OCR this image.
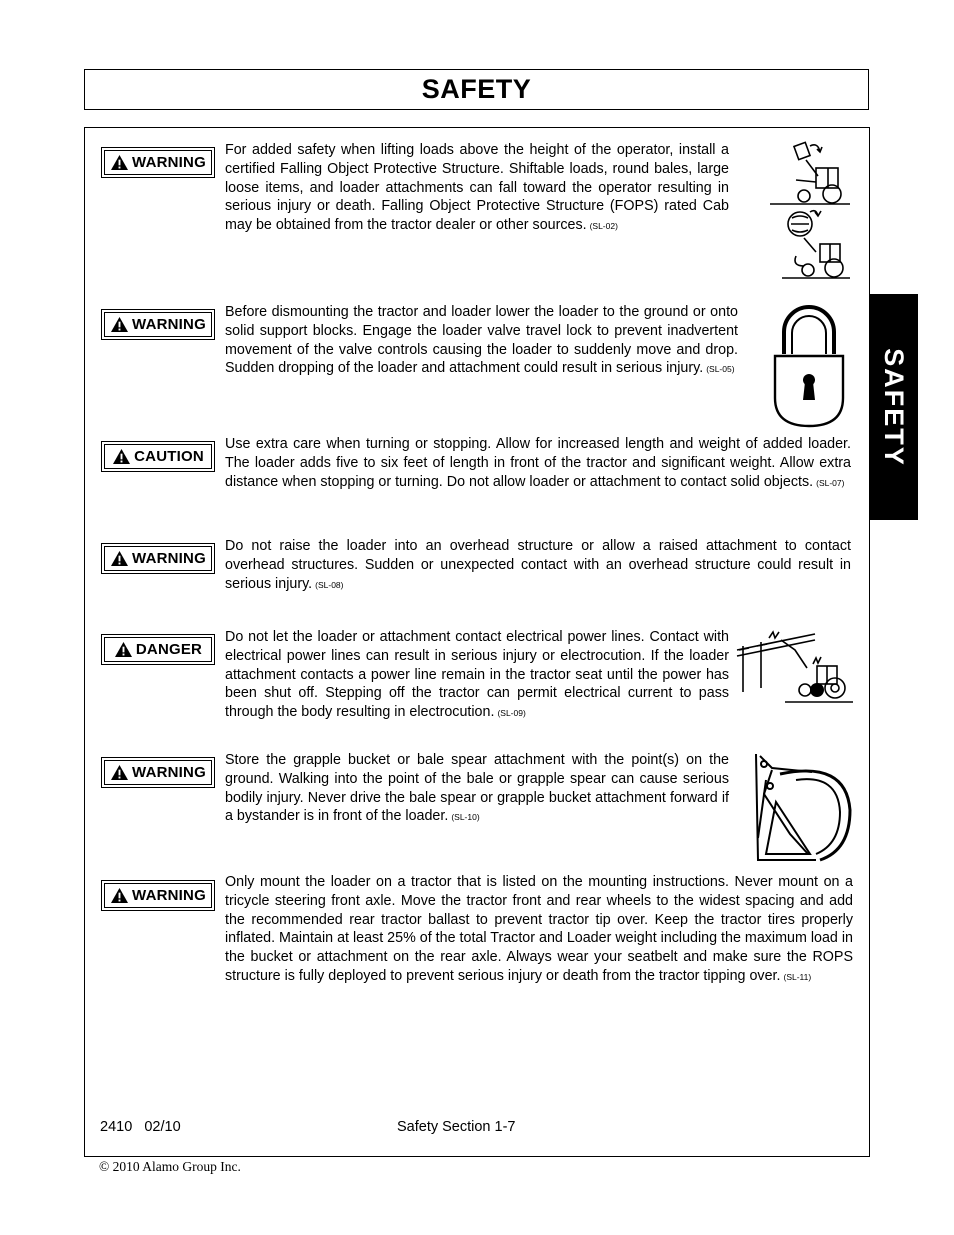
SAFETY
SAFETY
WARNING
For added safety when lifting loads above the height of the operator, install a certified Falling Object Protective Structure. Shiftable loads, round bales, large loose items, and loader attachments can fall toward the operator resulting in serious injury or death. Falling Object Protective Structure (FOPS) rated Cab may be obtained from the tractor dealer or other sources. (SL-02)
WARNING
Before dismounting the tractor and loader lower the loader to the ground or onto solid support blocks. Engage the loader valve travel lock to prevent inadvertent movement of the valve controls causing the loader to suddenly move and drop. Sudden dropping of the loader and attachment could result in serious injury. (SL-05)
CAUTION
Use extra care when turning or stopping. Allow for increased length and weight of added loader. The loader adds five to six feet of length in front of the tractor and significant weight. Allow extra distance when stopping or turning. Do not allow loader or attachment to contact solid objects. (SL-07)
WARNING
Do not raise the loader into an overhead structure or allow a raised attachment to contact overhead structures. Sudden or unexpected contact with an overhead structure could result in serious injury. (SL-08)
DANGER
Do not let the loader or attachment contact electrical power lines. Contact with electrical power lines can result in serious injury or electrocution. If the loader attachment contacts a power line remain in the tractor seat until the power has been shut off. Stepping off the tractor can permit electrical current to pass through the body resulting in electrocution. (SL-09)
WARNING
Store the grapple bucket or bale spear attachment with the point(s) on the ground. Walking into the point of the bale or grapple spear can cause serious bodily injury. Never drive the bale spear or grapple bucket attachment forward if a bystander is in front of the loader. (SL-10)
WARNING
Only mount the loader on a tractor that is listed on the mounting instructions. Never mount on a tricycle steering front axle. Move the tractor front and rear wheels to the widest spacing and add the recommended rear tractor ballast to prevent tractor tip over. Keep the tractor tires properly inflated. Maintain at least 25% of the total Tractor and Loader weight including the maximum load in the bucket or attachment on the rear axle. Always wear your seatbelt and make sure the ROPS structure is fully deployed to prevent serious injury or death from the tractor tipping over. (SL-11)
2410   02/10	Safety Section 1-7
© 2010 Alamo Group Inc.
